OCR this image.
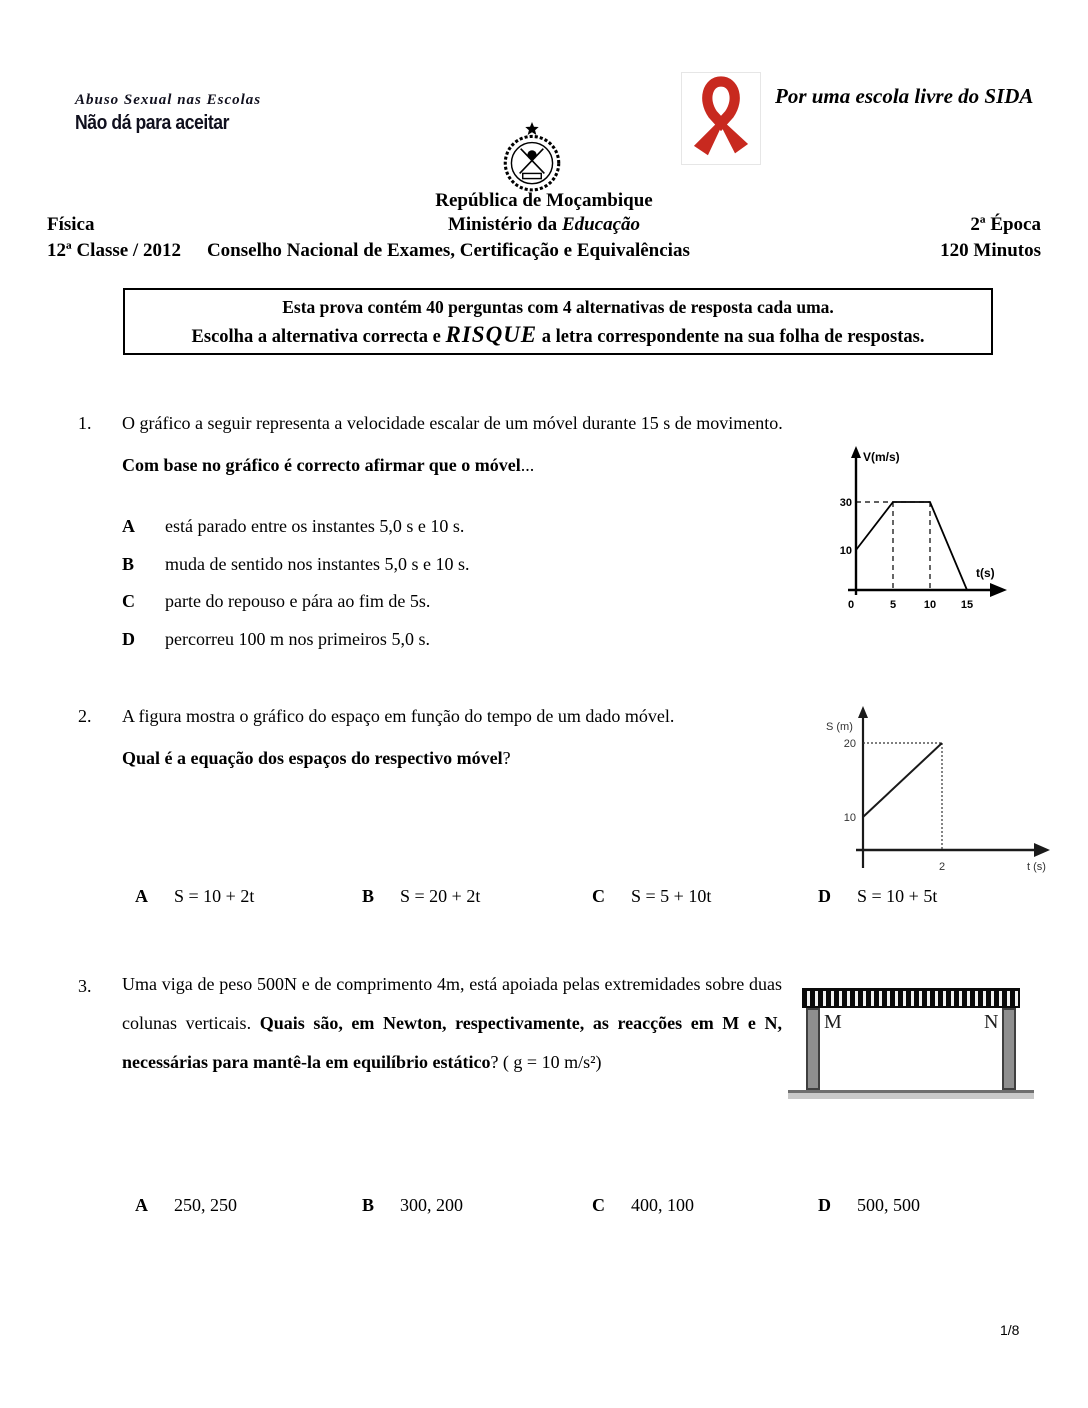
Abuso Sexual nas Escolas
Não dá para aceitar
Por uma escola livre do SIDA
República de Moçambique
Física	Ministério da Educação	2ª Época
12ª Classe / 2012 Conselho Nacional de Exames, Certificação e Equivalências	120 Minutos
Esta prova contém 40 perguntas com 4 alternativas de resposta cada uma.
Escolha a alternativa correcta e RISQUE a letra correspondente na sua folha de respostas.
1. O gráfico a seguir representa a velocidade escalar de um móvel durante 15 s de movimento. Com base no gráfico é correcto afirmar que o móvel...	V(m/s)
t(s)
30
10
0	5	10 15
A	está parado entre os instantes 5,0 s e 10 s.
B	muda de sentido nos instantes 5,0 s e 10 s.
C	parte do repouso e pára ao fim de 5s.
D	percorreu 100 m nos primeiros 5,0 s.
2. A figura mostra o gráfico do espaço em função do tempo de um dado móvel.
Qual é a equação dos espaços do respectivo móvel?
S (m)
t (s)
20
10
2
A S = 10 + 2t	B S = 20 + 2t	C S = 5 + 10t	D S = 10 + 5t
3. Uma viga de peso 500N e de comprimento 4m, está apoiada pelas extremidades sobre duas colunas verticais. Quais são, em Newton, respectivamente, as reacções em M e N, necessárias para mantê-la em equilíbrio estático? ( g = 10 m/s²)
M	N
A 250, 250	B 300, 200	C 400, 100	D 500, 500
1/8
